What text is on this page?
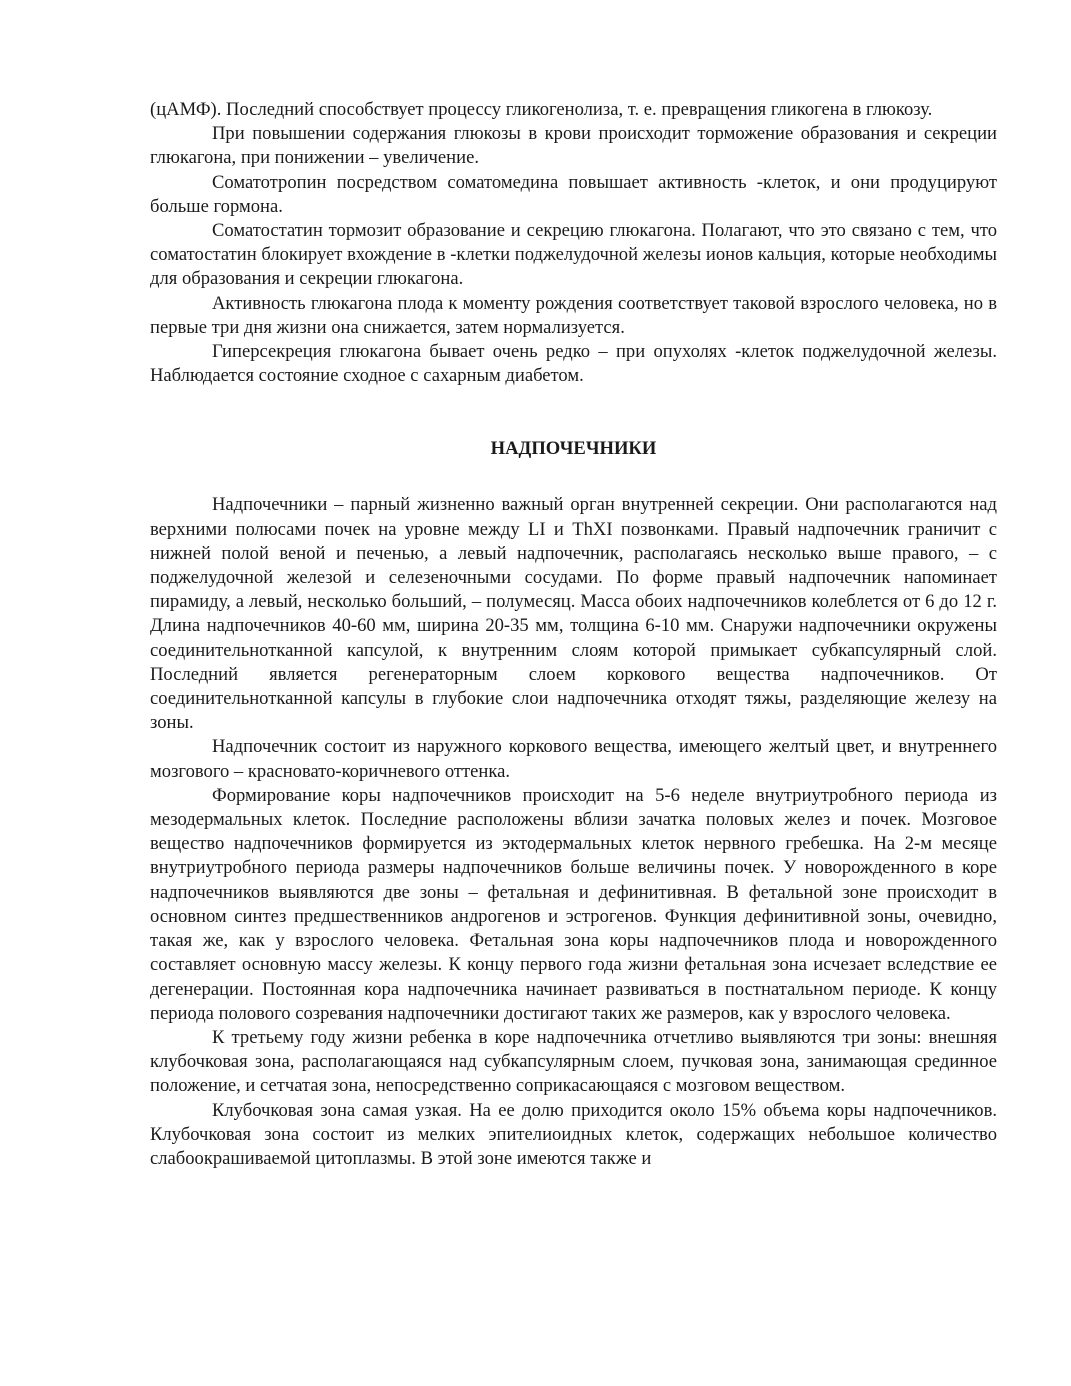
(цАМФ). Последний способствует процессу гликогенолиза, т. е. превращения гликогена в глюкозу.

При повышении содержания глюкозы в крови происходит торможение образования и секреции глюкагона, при понижении – увеличение.

Соматотропин посредством соматомедина повышает активность -клеток, и они продуцируют больше гормона.

Соматостатин тормозит образование и секрецию глюкагона. Полагают, что это связано с тем, что соматостатин блокирует вхождение в -клетки поджелудочной железы ионов кальция, которые необходимы для образования и секреции глюкагона.

Активность глюкагона плода к моменту рождения соответствует таковой взрослого человека, но в первые три дня жизни она снижается, затем нормализуется.

Гиперсекреция глюкагона бывает очень редко – при опухолях -клеток поджелудочной железы. Наблюдается состояние сходное с сахарным диабетом.

НАДПОЧЕЧНИКИ

Надпочечники – парный жизненно важный орган внутренней секреции. Они располагаются над верхними полюсами почек на уровне между LI и ThXI позвонками. Правый надпочечник граничит с нижней полой веной и печенью, а левый надпочечник, располагаясь несколько выше правого, – с поджелудочной железой и селезеночными сосудами. По форме правый надпочечник напоминает пирамиду, а левый, несколько больший, – полумесяц. Масса обоих надпочечников колеблется от 6 до 12 г. Длина надпочечников 40-60 мм, ширина 20-35 мм, толщина 6-10 мм. Снаружи надпочечники окружены соединительнотканной капсулой, к внутренним слоям которой примыкает субкапсулярный слой. Последний является регенераторным слоем коркового вещества надпочечников. От соединительнотканной капсулы в глубокие слои надпочечника отходят тяжы, разделяющие железу на зоны.

Надпочечник состоит из наружного коркового вещества, имеющего желтый цвет, и внутреннего мозгового – красновато-коричневого оттенка.

Формирование коры надпочечников происходит на 5-6 неделе внутриутробного периода из мезодермальных клеток. Последние расположены вблизи зачатка половых желез и почек. Мозговое вещество надпочечников формируется из эктодермальных клеток нервного гребешка. На 2-м месяце внутриутробного периода размеры надпочечников больше величины почек. У новорожденного в коре надпочечников выявляются две зоны – фетальная и дефинитивная. В фетальной зоне происходит в основном синтез предшественников андрогенов и эстрогенов. Функция дефинитивной зоны, очевидно, такая же, как у взрослого человека. Фетальная зона коры надпочечников плода и новорожденного составляет основную массу железы. К концу первого года жизни фетальная зона исчезает вследствие ее дегенерации. Постоянная кора надпочечника начинает развиваться в постнатальном периоде. К концу периода полового созревания надпочечники достигают таких же размеров, как у взрослого человека.

К третьему году жизни ребенка в коре надпочечника отчетливо выявляются три зоны: внешняя клубочковая зона, располагающаяся над субкапсулярным слоем, пучковая зона, занимающая срединное положение, и сетчатая зона, непосредственно соприкасающаяся с мозговом веществом.

Клубочковая зона самая узкая. На ее долю приходится около 15% объема коры надпочечников. Клубочковая зона состоит из мелких эпителиоидных клеток, содержащих небольшое количество слабоокрашиваемой цитоплазмы. В этой зоне имеются также и
